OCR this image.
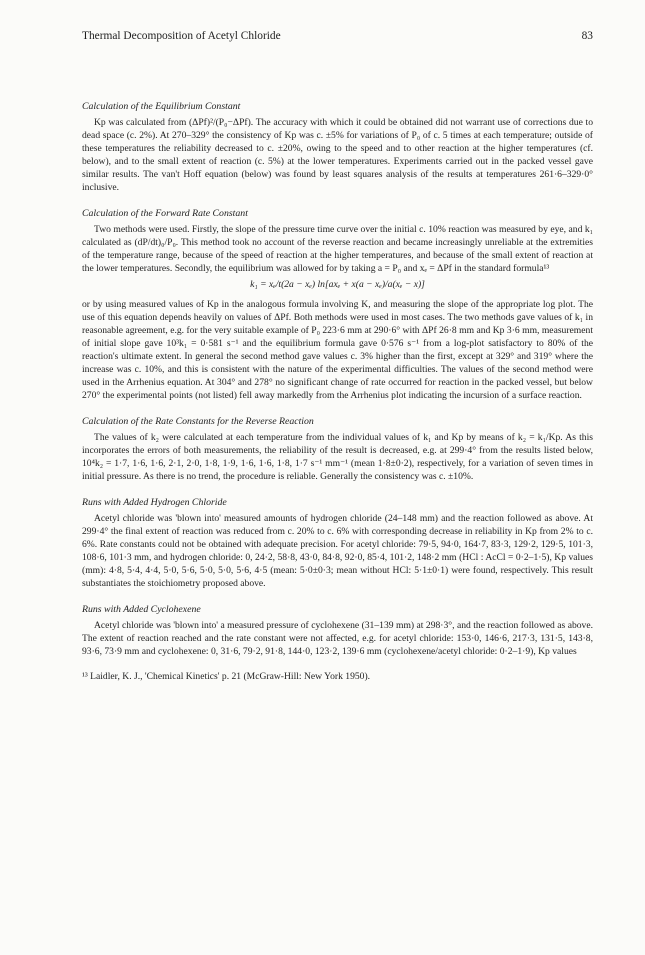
Thermal Decomposition of Acetyl Chloride	83
Calculation of the Equilibrium Constant

Kp was calculated from (ΔPf)²/(P₀−ΔPf). The accuracy with which it could be obtained did not warrant use of corrections due to dead space (c. 2%). At 270–329° the consistency of Kp was c. ±5% for variations of P₀ of c. 5 times at each temperature; outside of these temperatures the reliability decreased to c. ±20%, owing to the speed and to other reaction at the higher temperatures (cf. below), and to the small extent of reaction (c. 5%) at the lower temperatures. Experiments carried out in the packed vessel gave similar results. The van't Hoff equation (below) was found by least squares analysis of the results at temperatures 261·6–329·0° inclusive.

Calculation of the Forward Rate Constant

Two methods were used. Firstly, the slope of the pressure time curve over the initial c. 10% reaction was measured by eye, and k₁ calculated as (dP/dt)₀/P₀. This method took no account of the reverse reaction and became increasingly unreliable at the extremities of the temperature range, because of the speed of reaction at the higher temperatures, and because of the small extent of reaction at the lower temperatures. Secondly, the equilibrium was allowed for by taking a = P₀ and xₑ = ΔPf in the standard formula¹³

k₁ = xₑ/t(2a − xₑ) ln[axₑ + x(a − xₑ)/a(xₑ − x)]

or by using measured values of Kp in the analogous formula involving K, and measuring the slope of the appropriate log plot. The use of this equation depends heavily on values of ΔPf. Both methods were used in most cases. The two methods gave values of k₁ in reasonable agreement, e.g. for the very suitable example of P₀ 223·6 mm at 290·6° with ΔPf 26·8 mm and Kp 3·6 mm, measurement of initial slope gave 10³k₁ = 0·581 s⁻¹ and the equilibrium formula gave 0·576 s⁻¹ from a log-plot satisfactory to 80% of the reaction's ultimate extent. In general the second method gave values c. 3% higher than the first, except at 329° and 319° where the increase was c. 10%, and this is consistent with the nature of the experimental difficulties. The values of the second method were used in the Arrhenius equation. At 304° and 278° no significant change of rate occurred for reaction in the packed vessel, but below 270° the experimental points (not listed) fell away markedly from the Arrhenius plot indicating the incursion of a surface reaction.

Calculation of the Rate Constants for the Reverse Reaction

The values of k₂ were calculated at each temperature from the individual values of k₁ and Kp by means of k₂ = k₁/Kp. As this incorporates the errors of both measurements, the reliability of the result is decreased, e.g. at 299·4° from the results listed below, 10⁴k₂ = 1·7, 1·6, 1·6, 2·1, 2·0, 1·8, 1·9, 1·6, 1·6, 1·8, 1·7 s⁻¹ mm⁻¹ (mean 1·8±0·2), respectively, for a variation of seven times in initial pressure. As there is no trend, the procedure is reliable. Generally the consistency was c. ±10%.

Runs with Added Hydrogen Chloride

Acetyl chloride was 'blown into' measured amounts of hydrogen chloride (24–148 mm) and the reaction followed as above. At 299·4° the final extent of reaction was reduced from c. 20% to c. 6% with corresponding decrease in reliability in Kp from 2% to c. 6%. Rate constants could not be obtained with adequate precision. For acetyl chloride: 79·5, 94·0, 164·7, 83·3, 129·2, 129·5, 101·3, 108·6, 101·3 mm, and hydrogen chloride: 0, 24·2, 58·8, 43·0, 84·8, 92·0, 85·4, 101·2, 148·2 mm (HCl : AcCl = 0·2–1·5), Kp values (mm): 4·8, 5·4, 4·4, 5·0, 5·6, 5·0, 5·0, 5·6, 4·5 (mean: 5·0±0·3; mean without HCl: 5·1±0·1) were found, respectively. This result substantiates the stoichiometry proposed above.

Runs with Added Cyclohexene

Acetyl chloride was 'blown into' a measured pressure of cyclohexene (31–139 mm) at 298·3°, and the reaction followed as above. The extent of reaction reached and the rate constant were not affected, e.g. for acetyl chloride: 153·0, 146·6, 217·3, 131·5, 143·8, 93·6, 73·9 mm and cyclohexene: 0, 31·6, 79·2, 91·8, 144·0, 123·2, 139·6 mm (cyclohexene/acetyl chloride: 0·2–1·9), Kp values

¹³ Laidler, K. J., 'Chemical Kinetics' p. 21 (McGraw-Hill: New York 1950).
